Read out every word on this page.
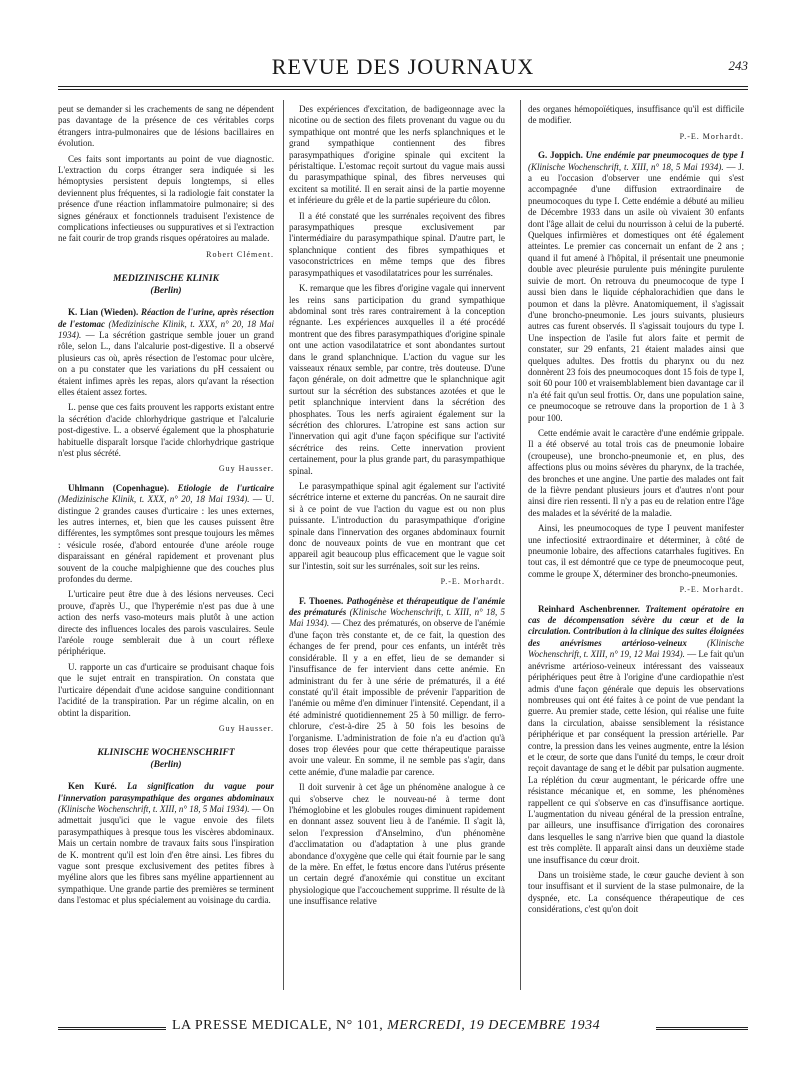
REVUE DES JOURNAUX	243

peut se demander si les crachements de sang ne dépendent pas davantage de la présence de ces véritables corps étrangers intra-pulmonaires que de lésions bacillaires en évolution.

Ces faits sont importants au point de vue diagnostic. L'extraction du corps étranger sera indiquée si les hémoptysies persistent depuis longtemps, si elles deviennent plus fréquentes, si la radiologie fait constater la présence d'une réaction inflammatoire pulmonaire; si des signes généraux et fonctionnels traduisent l'existence de complications infectieuses ou suppuratives et si l'extraction ne fait courir de trop grands risques opératoires au malade.

Robert Clément.
MEDIZINISCHE KLINIK
(Berlin)

K. Lian (Wieden). Réaction de l'urine, après résection de l'estomac (Medizinische Klinik, t. XXX, n° 20, 18 Mai 1934). — La sécrétion gastrique semble jouer un grand rôle, selon L., dans l'alcalurie post-digestive. Il a observé plusieurs cas où, après résection de l'estomac pour ulcère, on a pu constater que les variations du pH cessaient ou étaient infimes après les repas, alors qu'avant la résection elles étaient assez fortes.

L. pense que ces faits prouvent les rapports existant entre la sécrétion d'acide chlorhydrique gastrique et l'alcalurie post-digestive. L. a observé également que la phosphaturie habituelle disparaît lorsque l'acide chlorhydrique gastrique n'est plus sécrété.

Guy Hausser.

Uhlmann (Copenhague). Etiologie de l'urticaire (Medizinische Klinik, t. XXX, n° 20, 18 Mai 1934). — U. distingue 2 grandes causes d'urticaire : les unes externes, les autres internes, et, bien que les causes puissent être différentes, les symptômes sont presque toujours les mêmes : vésicule rosée, d'abord entourée d'une aréole rouge disparaissant en général rapidement et provenant plus souvent de la couche malpighienne que des couches plus profondes du derme.

L'urticaire peut être due à des lésions nerveuses. Ceci prouve, d'après U., que l'hyperémie n'est pas due à une action des nerfs vaso-moteurs mais plutôt à une action directe des influences locales des parois vasculaires. Seule l'aréole rouge semblerait due à un court réflexe périphérique.

U. rapporte un cas d'urticaire se produisant chaque fois que le sujet entrait en transpiration. On constata que l'urticaire dépendait d'une acidose sanguine conditionnant l'acidité de la transpiration. Par un régime alcalin, on en obtint la disparition.

Guy Hausser.
KLINISCHE WOCHENSCHRIFT
(Berlin)

Ken Kuré. La signification du vague pour l'innervation parasympathique des organes abdominaux (Klinische Wochenschrift, t. XIII, n° 18, 5 Mai 1934). — On admettait jusqu'ici que le vague envoie des filets parasympathiques à presque tous les viscères abdominaux. Mais un certain nombre de travaux faits sous l'inspiration de K. montrent qu'il est loin d'en être ainsi. Les fibres du vague sont presque exclusivement des petites fibres à myéline alors que les fibres sans myéline appartiennent au sympathique. Une grande partie des premières se terminent dans l'estomac et plus spécialement au voisinage du cardia.

Des expériences d'excitation, de badigeonnage avec la nicotine ou de section des filets provenant du vague ou du sympathique ont montré que les nerfs splanchniques et le grand sympathique contiennent des fibres parasympathiques d'origine spinale qui excitent la péristaltique. L'estomac reçoit surtout du vague mais aussi du parasympathique spinal, des fibres nerveuses qui excitent sa motilité. Il en serait ainsi de la partie moyenne et inférieure du grêle et de la partie supérieure du côlon.

Il a été constaté que les surrénales reçoivent des fibres parasympathiques presque exclusivement par l'intermédiaire du parasympathique spinal. D'autre part, le splanchnique contient des fibres sympathiques et vasoconstrictrices en même temps que des fibres parasympathiques et vasodilatatrices pour les surrénales.

K. remarque que les fibres d'origine vagale qui innervent les reins sans participation du grand sympathique abdominal sont très rares contrairement à la conception régnante. Les expériences auxquelles il a été procédé montrent que des fibres parasympathiques d'origine spinale ont une action vasodilatatrice et sont abondantes surtout dans le grand splanchnique. L'action du vague sur les vaisseaux rénaux semble, par contre, très douteuse. D'une façon générale, on doit admettre que le splanchnique agit surtout sur la sécrétion des substances azotées et que le petit splanchnique intervient dans la sécrétion des phosphates. Tous les nerfs agiraient également sur la sécrétion des chlorures. L'atropine est sans action sur l'innervation qui agit d'une façon spécifique sur l'activité sécrétrice des reins. Cette innervation provient certainement, pour la plus grande part, du parasympathique spinal.

Le parasympathique spinal agit également sur l'activité sécrétrice interne et externe du pancréas. On ne saurait dire si à ce point de vue l'action du vague est ou non plus puissante. L'introduction du parasympathique d'origine spinale dans l'innervation des organes abdominaux fournit donc de nouveaux points de vue en montrant que cet appareil agit beaucoup plus efficacement que le vague soit sur l'intestin, soit sur les surrénales, soit sur les reins.

P.-E. Morhardt.

F. Thoenes. Pathogénèse et thérapeutique de l'anémie des prématurés (Klinische Wochenschrift, t. XIII, n° 18, 5 Mai 1934). — Chez des prématurés, on observe de l'anémie d'une façon très constante et, de ce fait, la question des échanges de fer prend, pour ces enfants, un intérêt très considérable. Il y a en effet, lieu de se demander si l'insuffisance de fer intervient dans cette anémie. En administrant du fer à une série de prématurés, il a été constaté qu'il était impossible de prévenir l'apparition de l'anémie ou même d'en diminuer l'intensité. Cependant, il a été administré quotidiennement 25 à 50 milligr. de ferro-chlorure, c'est-à-dire 25 à 50 fois les besoins de l'organisme. L'administration de foie n'a eu d'action qu'à doses trop élevées pour que cette thérapeutique paraisse avoir une valeur. En somme, il ne semble pas s'agir, dans cette anémie, d'une maladie par carence.

Il doit survenir à cet âge un phénomène analogue à ce qui s'observe chez le nouveau-né à terme dont l'hémoglobine et les globules rouges diminuent rapidement en donnant assez souvent lieu à de l'anémie. Il s'agit là, selon l'expression d'Anselmino, d'un phénomène d'acclimatation ou d'adaptation à une plus grande abondance d'oxygène que celle qui était fournie par le sang de la mère. En effet, le fœtus encore dans l'utérus présente un certain degré d'anoxémie qui constitue un excitant physiologique que l'accouchement supprime. Il résulte de là une insuffisance relative

des organes hémopoïétiques, insuffisance qu'il est difficile de modifier.

P.-E. Morhardt.

G. Joppich. Une endémie par pneumocoques de type I (Klinische Wochenschrift, t. XIII, n° 18, 5 Mai 1934). — J. a eu l'occasion d'observer une endémie qui s'est accompagnée d'une diffusion extraordinaire de pneumocoques du type I. Cette endémie a débuté au milieu de Décembre 1933 dans un asile où vivaient 30 enfants dont l'âge allait de celui du nourrisson à celui de la puberté. Quelques infirmières et domestiques ont été également atteintes. Le premier cas concernait un enfant de 2 ans ; quand il fut amené à l'hôpital, il présentait une pneumonie double avec pleurésie purulente puis méningite purulente suivie de mort. On retrouva du pneumocoque de type I aussi bien dans le liquide céphalorachidien que dans le poumon et dans la plèvre. Anatomiquement, il s'agissait d'une broncho-pneumonie. Les jours suivants, plusieurs autres cas furent observés. Il s'agissait toujours du type I. Une inspection de l'asile fut alors faite et permit de constater, sur 29 enfants, 21 étaient malades ainsi que quelques adultes. Des frottis du pharynx ou du nez donnèrent 23 fois des pneumocoques dont 15 fois de type I, soit 60 pour 100 et vraisemblablement bien davantage car il n'a été fait qu'un seul frottis. Or, dans une population saine, ce pneumocoque se retrouve dans la proportion de 1 à 3 pour 100.

Cette endémie avait le caractère d'une endémie grippale. Il a été observé au total trois cas de pneumonie lobaire (croupeuse), une broncho-pneumonie et, en plus, des affections plus ou moins sévères du pharynx, de la trachée, des bronches et une angine. Une partie des malades ont fait de la fièvre pendant plusieurs jours et d'autres n'ont pour ainsi dire rien ressenti. Il n'y a pas eu de relation entre l'âge des malades et la sévérité de la maladie.

Ainsi, les pneumocoques de type I peuvent manifester une infectiosité extraordinaire et déterminer, à côté de pneumonie lobaire, des affections catarrhales fugitives. En tout cas, il est démontré que ce type de pneumocoque peut, comme le groupe X, déterminer des broncho-pneumonies.

P.-E. Morhardt.

Reinhard Aschenbrenner. Traitement opératoire en cas de décompensation sévère du cœur et de la circulation. Contribution à la clinique des suites éloignées des anévrismes artérioso-veineux (Klinische Wochenschrift, t. XIII, n° 19, 12 Mai 1934). — Le fait qu'un anévrisme artérioso-veineux intéressant des vaisseaux périphériques peut être à l'origine d'une cardiopathie n'est admis d'une façon générale que depuis les observations nombreuses qui ont été faites à ce point de vue pendant la guerre. Au premier stade, cette lésion, qui réalise une fuite dans la circulation, abaisse sensiblement la résistance périphérique et par conséquent la pression artérielle. Par contre, la pression dans les veines augmente, entre la lésion et le cœur, de sorte que dans l'unité du temps, le cœur droit reçoit davantage de sang et le débit par pulsation augmente. La réplétion du cœur augmentant, le péricarde offre une résistance mécanique et, en somme, les phénomènes rappellent ce qui s'observe en cas d'insuffisance aortique. L'augmentation du niveau général de la pression entraîne, par ailleurs, une insuffisance d'irrigation des coronaires dans lesquelles le sang n'arrive bien que quand la diastole est très complète. Il apparaît ainsi dans un deuxième stade une insuffisance du cœur droit.

Dans un troisième stade, le cœur gauche devient à son tour insuffisant et il survient de la stase pulmonaire, de la dyspnée, etc. La conséquence thérapeutique de ces considérations, c'est qu'on doit

LA PRESSE MEDICALE, N° 101, MERCREDI, 19 DECEMBRE 1934
